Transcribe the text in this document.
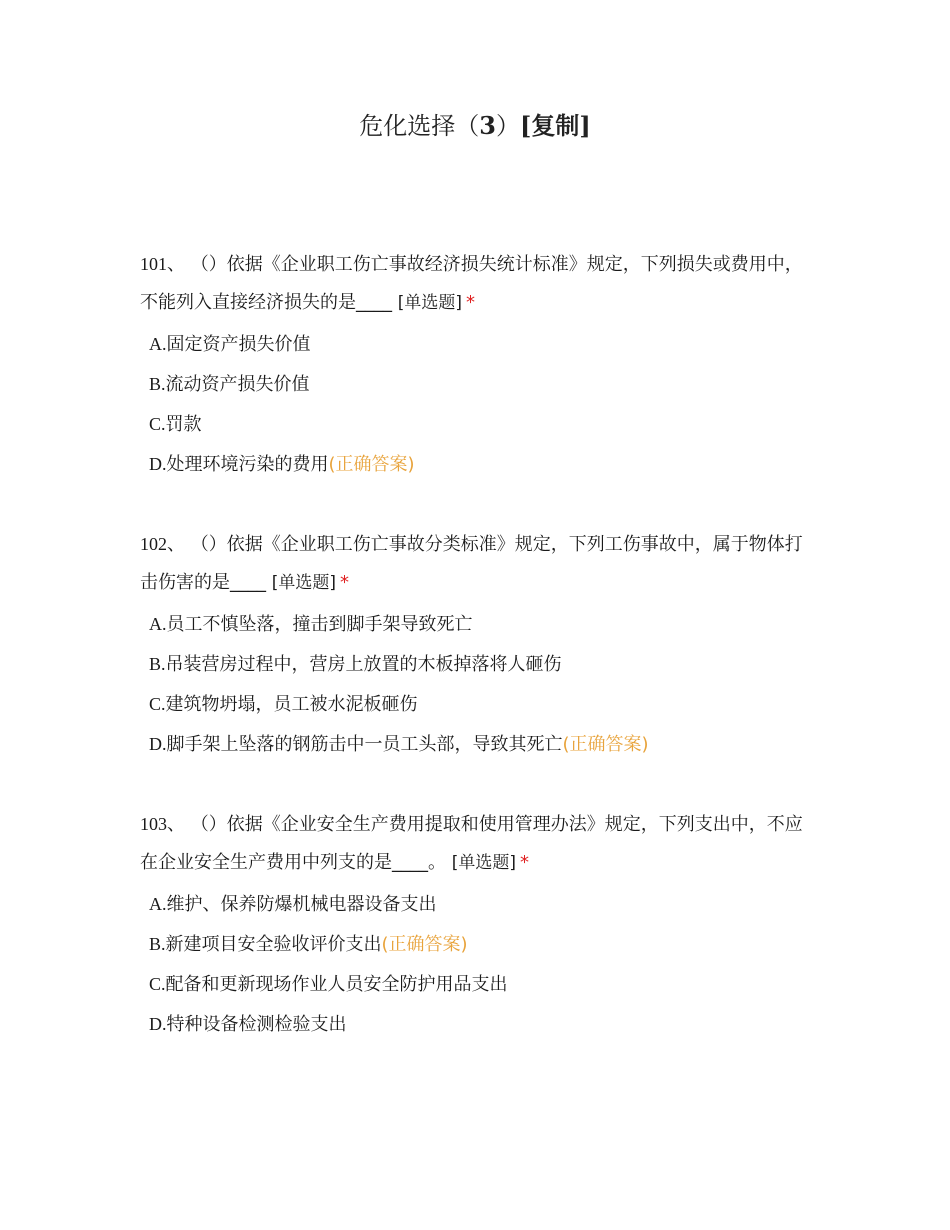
危化选择（3）[复制]

101、 （）依据《企业职工伤亡事故经济损失统计标准》规定，下列损失或费用中，不能列入直接经济损失的是____ [单选题] *

A.固定资产损失价值
B.流动资产损失价值
C.罚款
D.处理环境污染的费用(正确答案)

102、 （）依据《企业职工伤亡事故分类标准》规定，下列工伤事故中，属于物体打击伤害的是____ [单选题] *

A.员工不慎坠落，撞击到脚手架导致死亡
B.吊装营房过程中，营房上放置的木板掉落将人砸伤
C.建筑物坍塌，员工被水泥板砸伤
D.脚手架上坠落的钢筋击中一员工头部，导致其死亡(正确答案)

103、 （）依据《企业安全生产费用提取和使用管理办法》规定，下列支出中，不应在企业安全生产费用中列支的是____。 [单选题] *

A.维护、保养防爆机械电器设备支出
B.新建项目安全验收评价支出(正确答案)
C.配备和更新现场作业人员安全防护用品支出
D.特种设备检测检验支出
